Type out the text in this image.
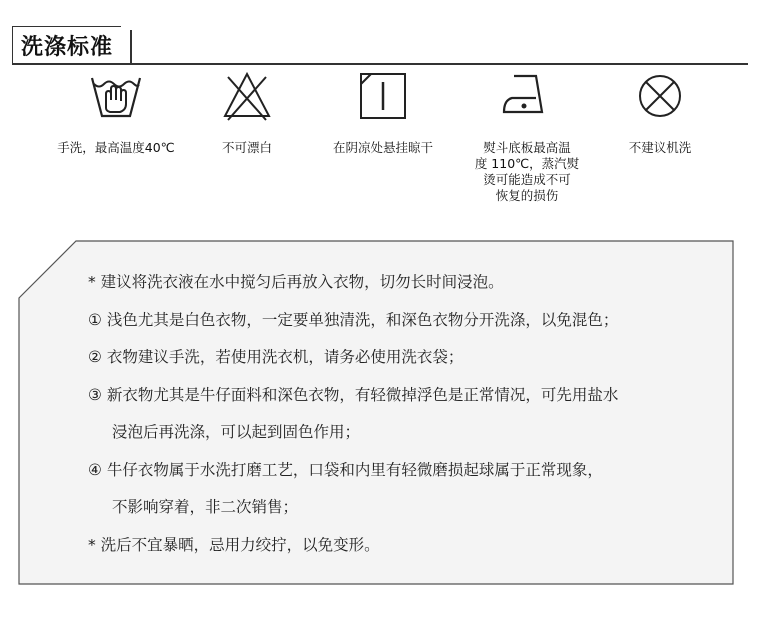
洗涤标准
手洗，最高温度40℃	不可漂白	在阴凉处悬挂晾干	熨斗底板最高温
度 110℃，蒸汽熨
烫可能造成不可
恢复的损伤
不建议机洗
* 建议将洗衣液在水中搅匀后再放入衣物，切勿长时间浸泡。
① 浅色尤其是白色衣物，一定要单独清洗，和深色衣物分开洗涤，以免混色；
② 衣物建议手洗，若使用洗衣机，请务必使用洗衣袋；
③ 新衣物尤其是牛仔面料和深色衣物，有轻微掉浮色是正常情况，可先用盐水
浸泡后再洗涤，可以起到固色作用；
④ 牛仔衣物属于水洗打磨工艺，口袋和内里有轻微磨损起球属于正常现象，
不影响穿着，非二次销售；
* 洗后不宜暴晒，忌用力绞拧，以免变形。
